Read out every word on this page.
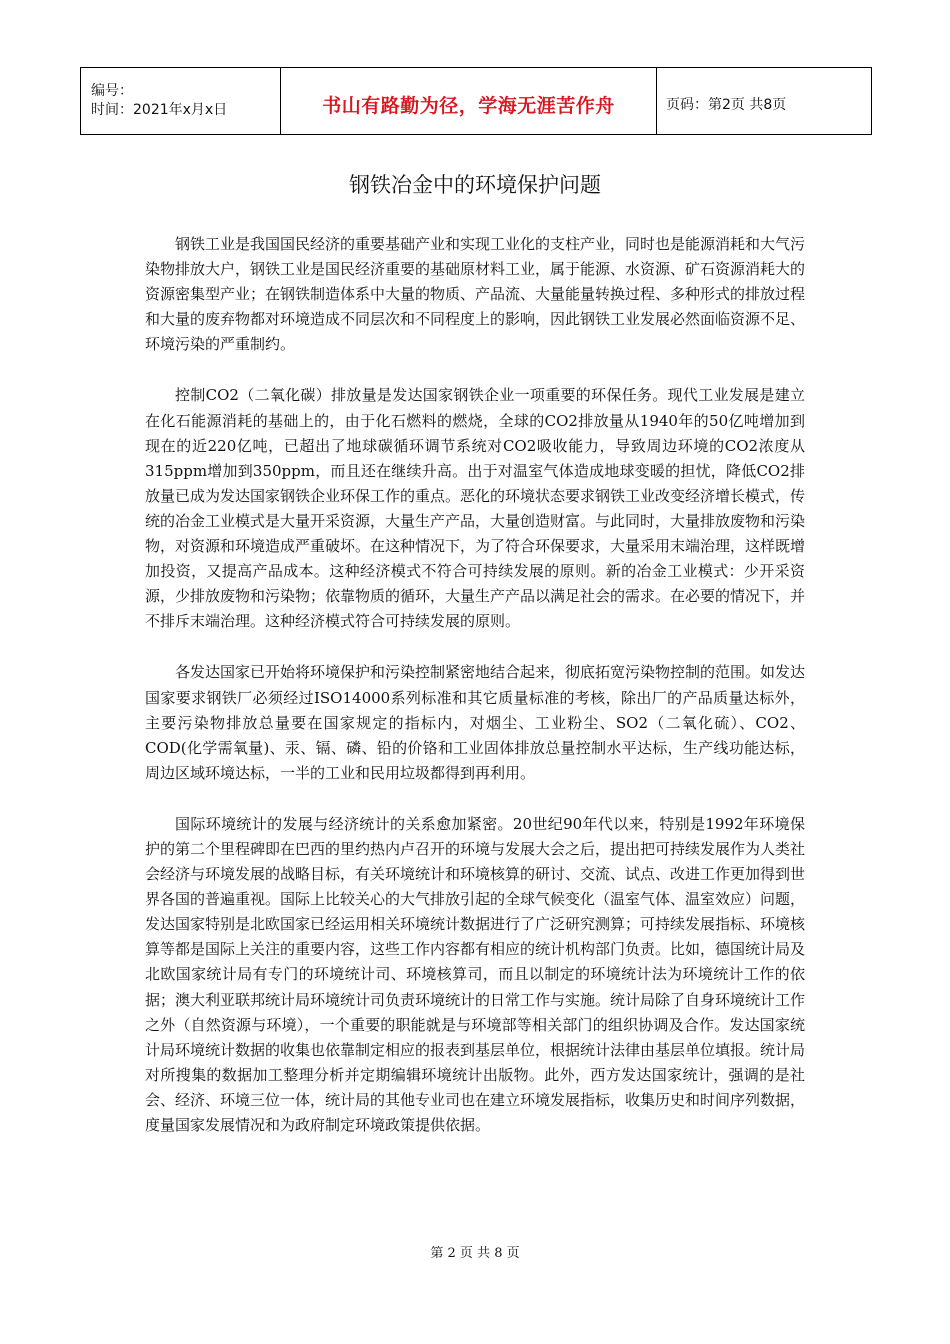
编号：
时间：2021年x月x日	书山有路勤为径，学海无涯苦作舟	页码：第2页 共8页
钢铁冶金中的环境保护问题

钢铁工业是我国国民经济的重要基础产业和实现工业化的支柱产业，同时也是能源消耗和大气污染物排放大户，钢铁工业是国民经济重要的基础原材料工业，属于能源、水资源、矿石资源消耗大的资源密集型产业；在钢铁制造体系中大量的物质、产品流、大量能量转换过程、多种形式的排放过程和大量的废弃物都对环境造成不同层次和不同程度上的影响，因此钢铁工业发展必然面临资源不足、环境污染的严重制约。

控制CO2（二氧化碳）排放量是发达国家钢铁企业一项重要的环保任务。现代工业发展是建立在化石能源消耗的基础上的，由于化石燃料的燃烧，全球的CO2排放量从1940年的50亿吨增加到现在的近220亿吨，已超出了地球碳循环调节系统对CO2吸收能力，导致周边环境的CO2浓度从 315ppm增加到350ppm，而且还在继续升高。出于对温室气体造成地球变暖的担忧，降低CO2排放量已成为发达国家钢铁企业环保工作的重点。恶化的环境状态要求钢铁工业改变经济增长模式，传统的冶金工业模式是大量开采资源，大量生产产品，大量创造财富。与此同时，大量排放废物和污染物，对资源和环境造成严重破坏。在这种情况下，为了符合环保要求，大量采用末端治理，这样既增加投资，又提高产品成本。这种经济模式不符合可持续发展的原则。新的冶金工业模式：少开采资源，少排放废物和污染物；依靠物质的循环，大量生产产品以满足社会的需求。在必要的情况下，并不排斥末端治理。这种经济模式符合可持续发展的原则。

各发达国家已开始将环境保护和污染控制紧密地结合起来，彻底拓宽污染物控制的范围。如发达国家要求钢铁厂必须经过ISO14000系列标准和其它质量标准的考核，除出厂的产品质量达标外，主要污染物排放总量要在国家规定的指标内，对烟尘、工业粉尘、SO2（二氧化硫）、CO2、COD(化学需氧量)、汞、镉、磷、铅的价铬和工业固体排放总量控制水平达标，生产线功能达标，周边区域环境达标，一半的工业和民用垃圾都得到再利用。

国际环境统计的发展与经济统计的关系愈加紧密。20世纪90年代以来，特别是1992年环境保护的第二个里程碑即在巴西的里约热内卢召开的环境与发展大会之后，提出把可持续发展作为人类社会经济与环境发展的战略目标，有关环境统计和环境核算的研讨、交流、试点、改进工作更加得到世界各国的普遍重视。国际上比较关心的大气排放引起的全球气候变化（温室气体、温室效应）问题，发达国家特别是北欧国家已经运用相关环境统计数据进行了广泛研究测算；可持续发展指标、环境核算等都是国际上关注的重要内容，这些工作内容都有相应的统计机构部门负责。比如，德国统计局及北欧国家统计局有专门的环境统计司、环境核算司，而且以制定的环境统计法为环境统计工作的依据；澳大利亚联邦统计局环境统计司负责环境统计的日常工作与实施。统计局除了自身环境统计工作之外（自然资源与环境），一个重要的职能就是与环境部等相关部门的组织协调及合作。发达国家统计局环境统计数据的收集也依靠制定相应的报表到基层单位，根据统计法律由基层单位填报。统计局对所搜集的数据加工整理分析并定期编辑环境统计出版物。此外，西方发达国家统计，强调的是社会、经济、环境三位一体，统计局的其他专业司也在建立环境发展指标，收集历史和时间序列数据，度量国家发展情况和为政府制定环境政策提供依据。

第 2 页 共 8 页
